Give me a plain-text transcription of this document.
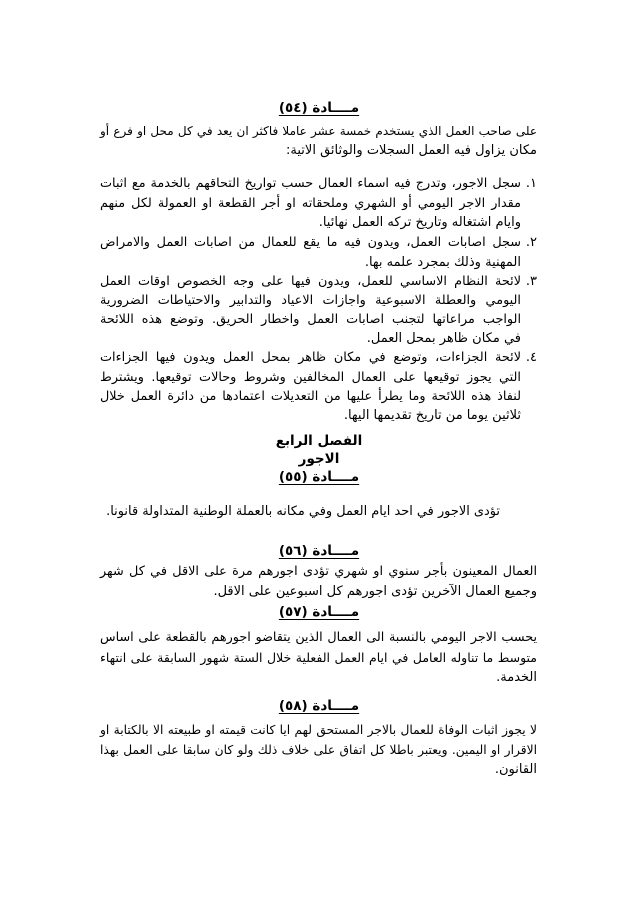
مــــادة (٥٤)
على صاحب العمل الذي يستخدم خمسة عشر عاملا فاكثر ان يعد في كل محل او فرع أو
مكان يزاول فيه العمل السجلات والوثائق الاتية:
١.
سجل الاجور، وتدرج فيه اسماء العمال حسب تواريخ التحاقهم بالخدمة مع اثبات
مقدار الاجر اليومي أو الشهري وملحقاته او أجر القطعة او العمولة لكل منهم
وايام اشتغاله وتاريخ تركه العمل نهائيا.
٢.
سجل اصابات العمل، ويدون فيه ما يقع للعمال من اصابات العمل والامراض
المهنية وذلك بمجرد علمه بها.
٣.
لائحة النظام الاساسي للعمل، ويدون فيها على وجه الخصوص اوقات العمل
اليومي والعطلة الاسبوعية واجازات الاعياد والتدابير والاحتياطات الضرورية
الواجب مراعاتها لتجنب اصابات العمل واخطار الحريق. وتوضع هذه اللائحة
في مكان ظاهر بمحل العمل.
٤.
لائحة الجزاءات، وتوضع في مكان ظاهر بمحل العمل ويدون فيها الجزاءات
التي يجوز توقيعها على العمال المخالفين وشروط وحالات توقيعها. ويشترط
لنفاذ هذه اللائحة وما يطرأ عليها من التعديلات اعتمادها من دائرة العمل خلال
ثلاثين يوما من تاريخ تقديمها اليها.
الفصل الرابع
الاجور
مــــادة (٥٥)
تؤدى الاجور في احد ايام العمل وفي مكانه بالعملة الوطنية المتداولة قانونا.
مــــادة (٥٦)
العمال المعينون بأجر سنوي او شهري تؤدى اجورهم مرة على الاقل في كل شهر
وجميع العمال الآخرين تؤدى اجورهم كل اسبوعين على الاقل.
مــــادة (٥٧)
يحسب الاجر اليومي بالنسبة الى العمال الذين يتقاضو اجورهم بالقطعة على اساس
متوسط ما تناوله العامل في ايام العمل الفعلية خلال الستة شهور السابقة على انتهاء
الخدمة.
مــــادة (٥٨)
لا يجوز اثبات الوفاة للعمال بالاجر المستحق لهم ايا كانت قيمته او طبيعته الا بالكتابة او
الاقرار او اليمين. ويعتبر باطلا كل اتفاق على خلاف ذلك ولو كان سابقا على العمل بهذا
القانون.
